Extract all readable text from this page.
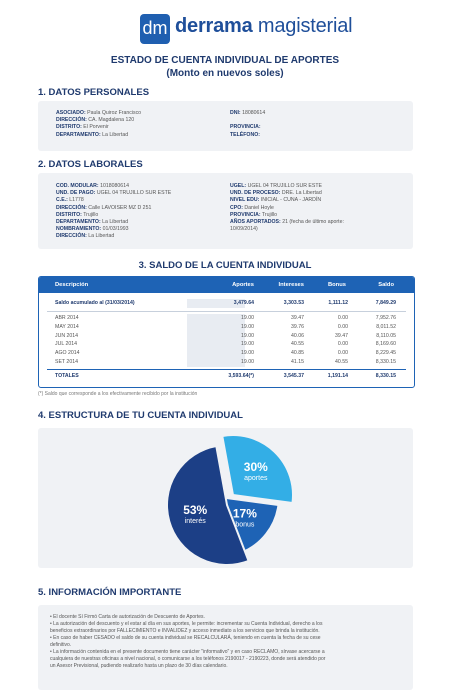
dm derrama magisterial
ESTADO DE CUENTA INDIVIDUAL DE APORTES
(Monto en nuevos soles)
1. DATOS PERSONALES
ASOCIADO: Paula Quiroz Francisco
DIRECCIÓN: CA. Magdalena 120
DISTRITO: El Porvenir
DEPARTAMENTO: La Libertad
DNI: 18080614

PROVINCIA:
TELÉFONO:
2. DATOS LABORALES
COD. MODULAR: 1018080614
UND. DE PAGO: UGEL 04 TRUJILLO SUR ESTE
C.E.: L1778
DIRECCIÓN: Calle LAVOISER MZ D 251
DISTRITO: Trujillo
DEPARTAMENTO: La Libertad
NOMBRAMIENTO: 01/03/1993
DIRECCIÓN: La Libertad
UGEL: UGEL 04 TRUJILLO SUR ESTE
UND. DE PROCESO: DRE. La Libertad
NIVEL EDU: INICIAL - CUNA - JARDÍN
CPO: Daniel Hoyle
PROVINCIA: Trujillo
AÑOS APORTADOS: 21 (fecha de último aporte:
10/09/2014)
Descripción	Aportes	Intereses	Bonus	Saldo
Saldo acumulado al (31/03/2014)	3,479.64	3,303.53	1,111.12	7,849.29
ABR 2014	19.00	39.47	0.00	7,952.76
MAY 2014	19.00	39.76	0.00	8,011.52
JUN 2014	19.00	40.06	39.47	8,110.05
JUL 2014	19.00	40.55	0.00	8,169.60
AGO 2014	19.00	40.85	0.00	8,229.45
SET 2014	19.00	41.15	40.55	8,330.15
TOTALES	3,593.64(*)	3,545.37	1,191.14	8,330.15
3. SALDO DE LA CUENTA INDIVIDUAL
(*) Saldo que corresponde a los efectivamente recibido por la institución
4. ESTRUCTURA DE TU CUENTA INDIVIDUAL
30%
aportes
17%
bonus
53%
interés
5. INFORMACIÓN IMPORTANTE
• El docente Sí Firmó Carta de autorización de Descuento de Aportes.
• La autorización del descuento y el estar al día en sus aportes, le permite: incrementar su Cuenta Individual, derecho a los
beneficios extraordinarios por FALLECIMIENTO e INVALIDEZ y acceso inmediato a los servicios que brinda la institución.
• En caso de haber CESADO el saldo de su cuenta individual se RECALCULARÁ, teniendo en cuenta la fecha de su cese
definitivo.
• La información contenida en el presente documento tiene carácter "informativo" y en caso RECLAMO, sírvase acercarse a
cualquiera de nuestras oficinas a nivel nacional, o comunicarse a los teléfonos 2190017 - 2190223, donde será atendido por
un Asesor Previsional, pudiendo realizarlo hasta un plazo de 30 días calendario.
